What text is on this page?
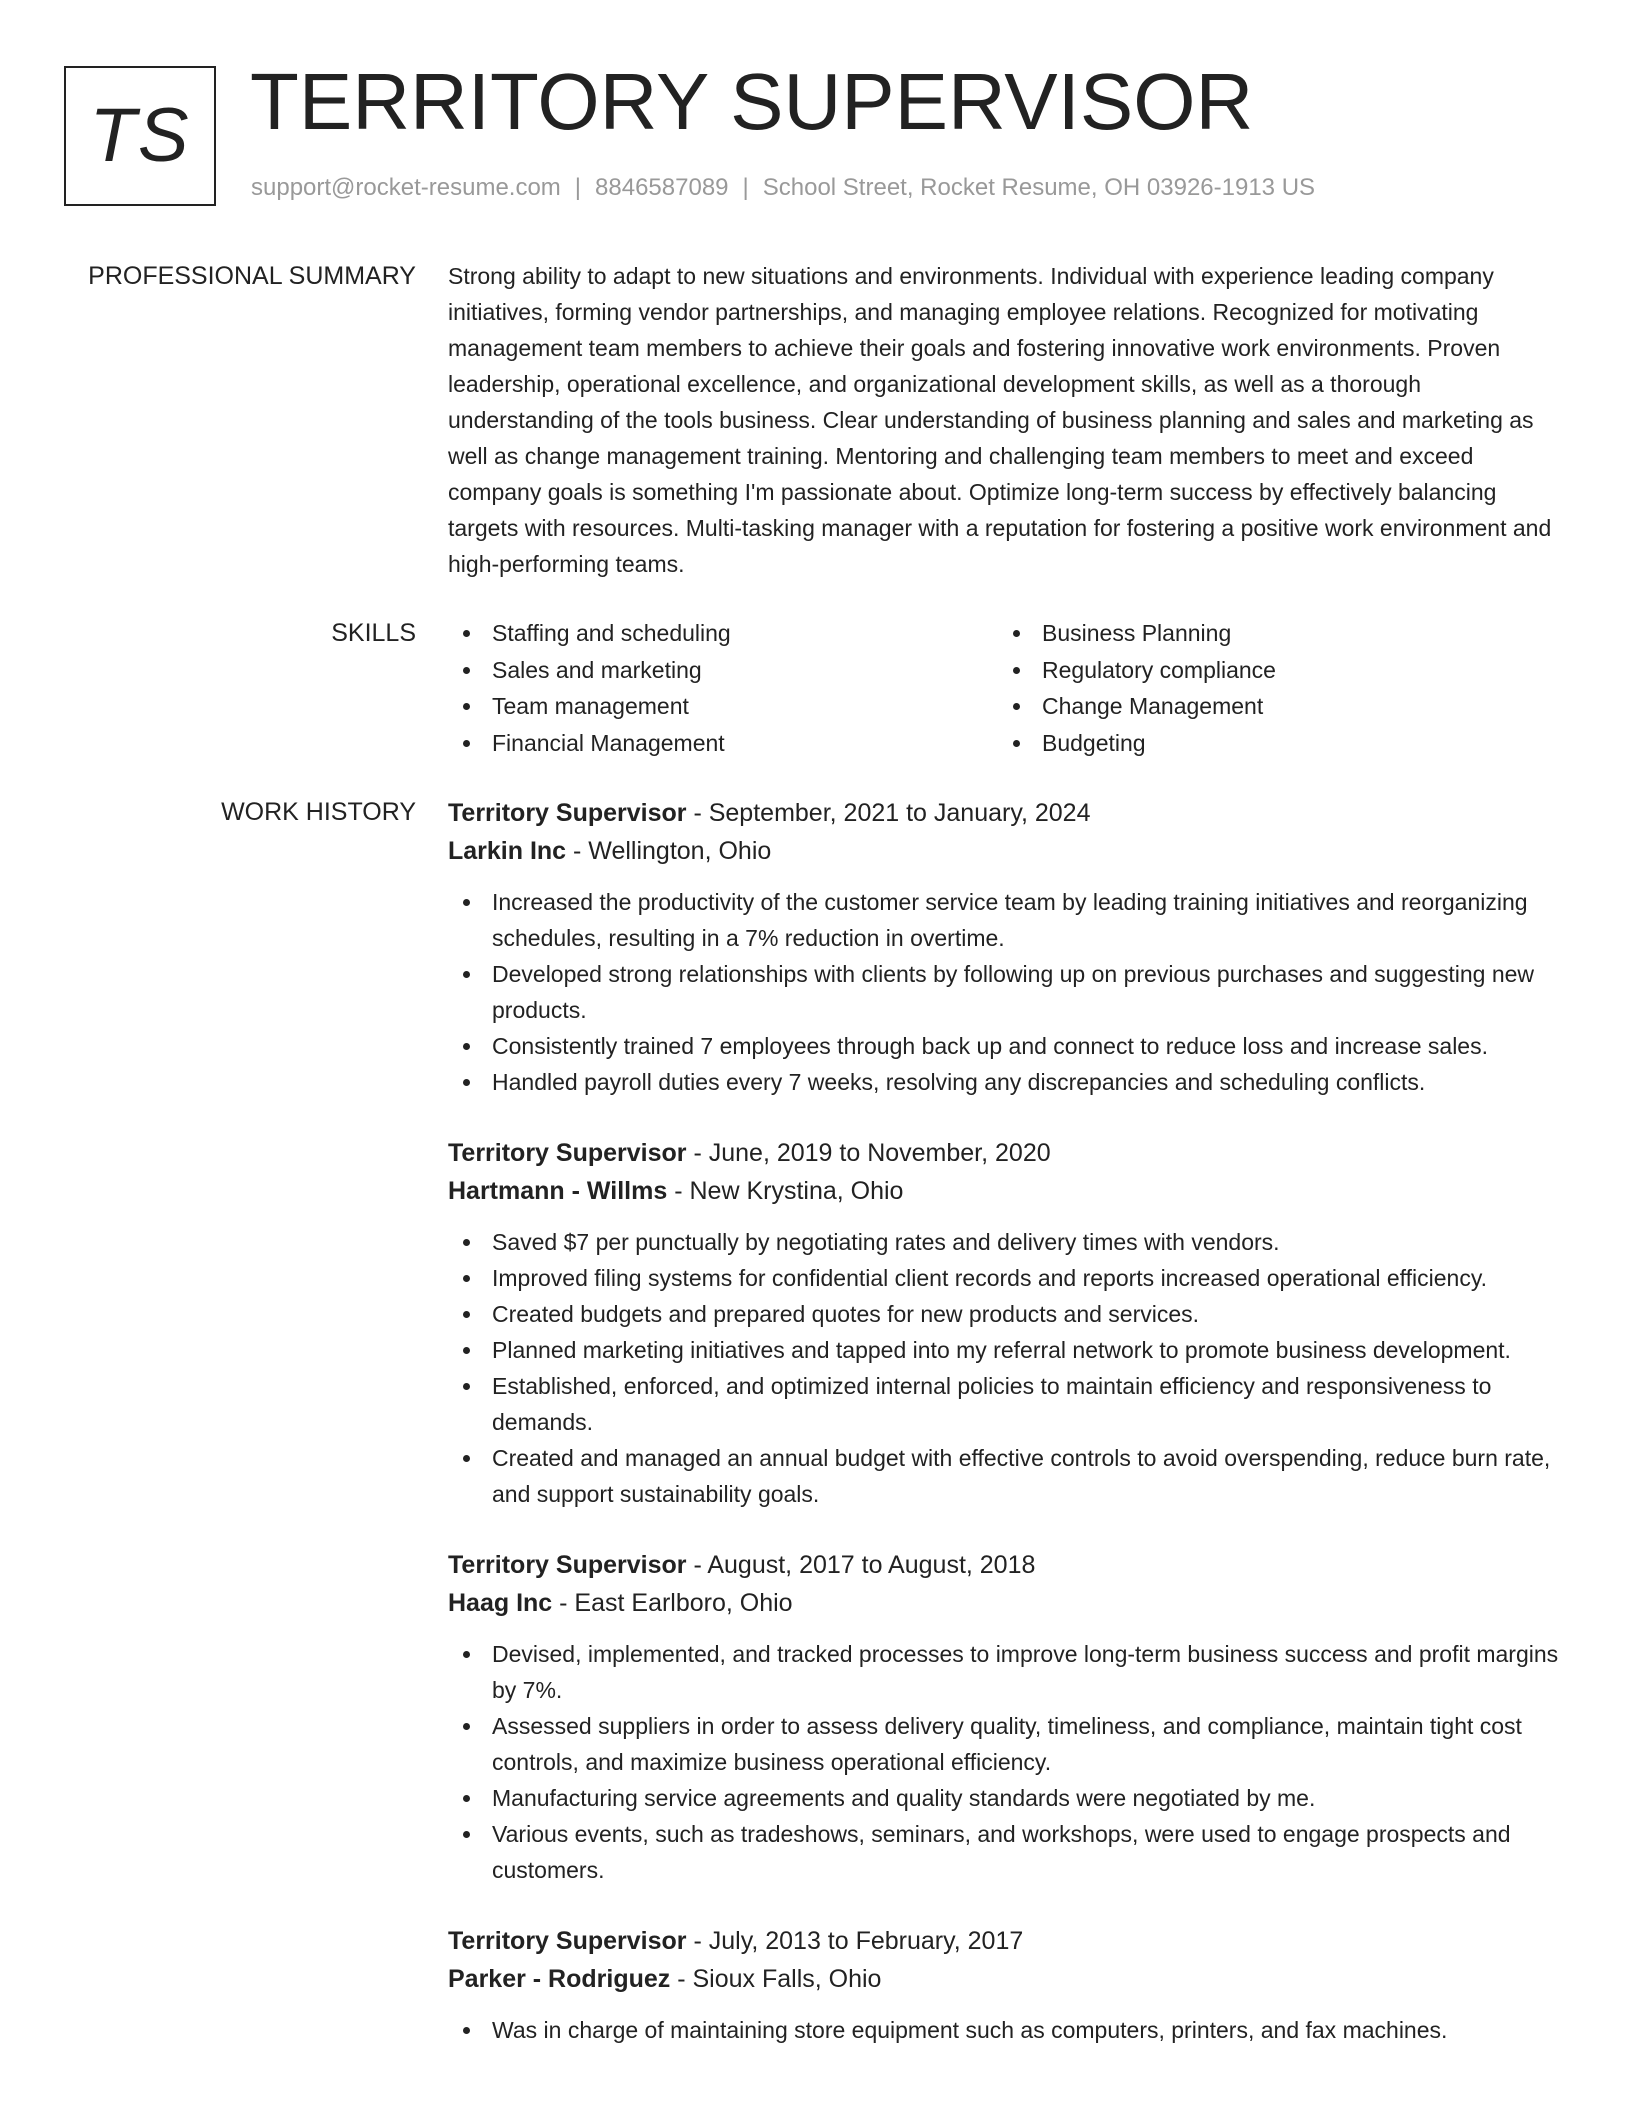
TS TERRITORY SUPERVISOR
support@rocket-resume.com | 8846587089 | School Street, Rocket Resume, OH 03926-1913 US
PROFESSIONAL SUMMARY Strong ability to adapt to new situations and environments. Individual with experience leading company initiatives, forming vendor partnerships, and managing employee relations. Recognized for motivating management team members to achieve their goals and fostering innovative work environments. Proven leadership, operational excellence, and organizational development skills, as well as a thorough understanding of the tools business. Clear understanding of business planning and sales and marketing as well as change management training. Mentoring and challenging team members to meet and exceed company goals is something I'm passionate about. Optimize long-term success by effectively balancing targets with resources. Multi-tasking manager with a reputation for fostering a positive work environment and high-performing teams.

SKILLS	Staffing and scheduling
Sales and marketing
Team management
Financial Management
Business Planning
Regulatory compliance
Change Management
Budgeting
WORK HISTORY Territory Supervisor - September, 2021 to January, 2024
Larkin Inc - Wellington, Ohio
Increased the productivity of the customer service team by leading training initiatives and reorganizing schedules, resulting in a 7% reduction in overtime.
Developed strong relationships with clients by following up on previous purchases and suggesting new products.
Consistently trained 7 employees through back up and connect to reduce loss and increase sales.
Handled payroll duties every 7 weeks, resolving any discrepancies and scheduling conflicts.
Territory Supervisor - June, 2019 to November, 2020
Hartmann - Willms - New Krystina, Ohio
Saved $7 per punctually by negotiating rates and delivery times with vendors.
Improved filing systems for confidential client records and reports increased operational efficiency.
Created budgets and prepared quotes for new products and services.
Planned marketing initiatives and tapped into my referral network to promote business development.
Established, enforced, and optimized internal policies to maintain efficiency and responsiveness to demands.
Created and managed an annual budget with effective controls to avoid overspending, reduce burn rate, and support sustainability goals.
Territory Supervisor - August, 2017 to August, 2018
Haag Inc - East Earlboro, Ohio
Devised, implemented, and tracked processes to improve long-term business success and profit margins by 7%.
Assessed suppliers in order to assess delivery quality, timeliness, and compliance, maintain tight cost controls, and maximize business operational efficiency.
Manufacturing service agreements and quality standards were negotiated by me.
Various events, such as tradeshows, seminars, and workshops, were used to engage prospects and customers.
Territory Supervisor - July, 2013 to February, 2017
Parker - Rodriguez - Sioux Falls, Ohio
Was in charge of maintaining store equipment such as computers, printers, and fax machines.
